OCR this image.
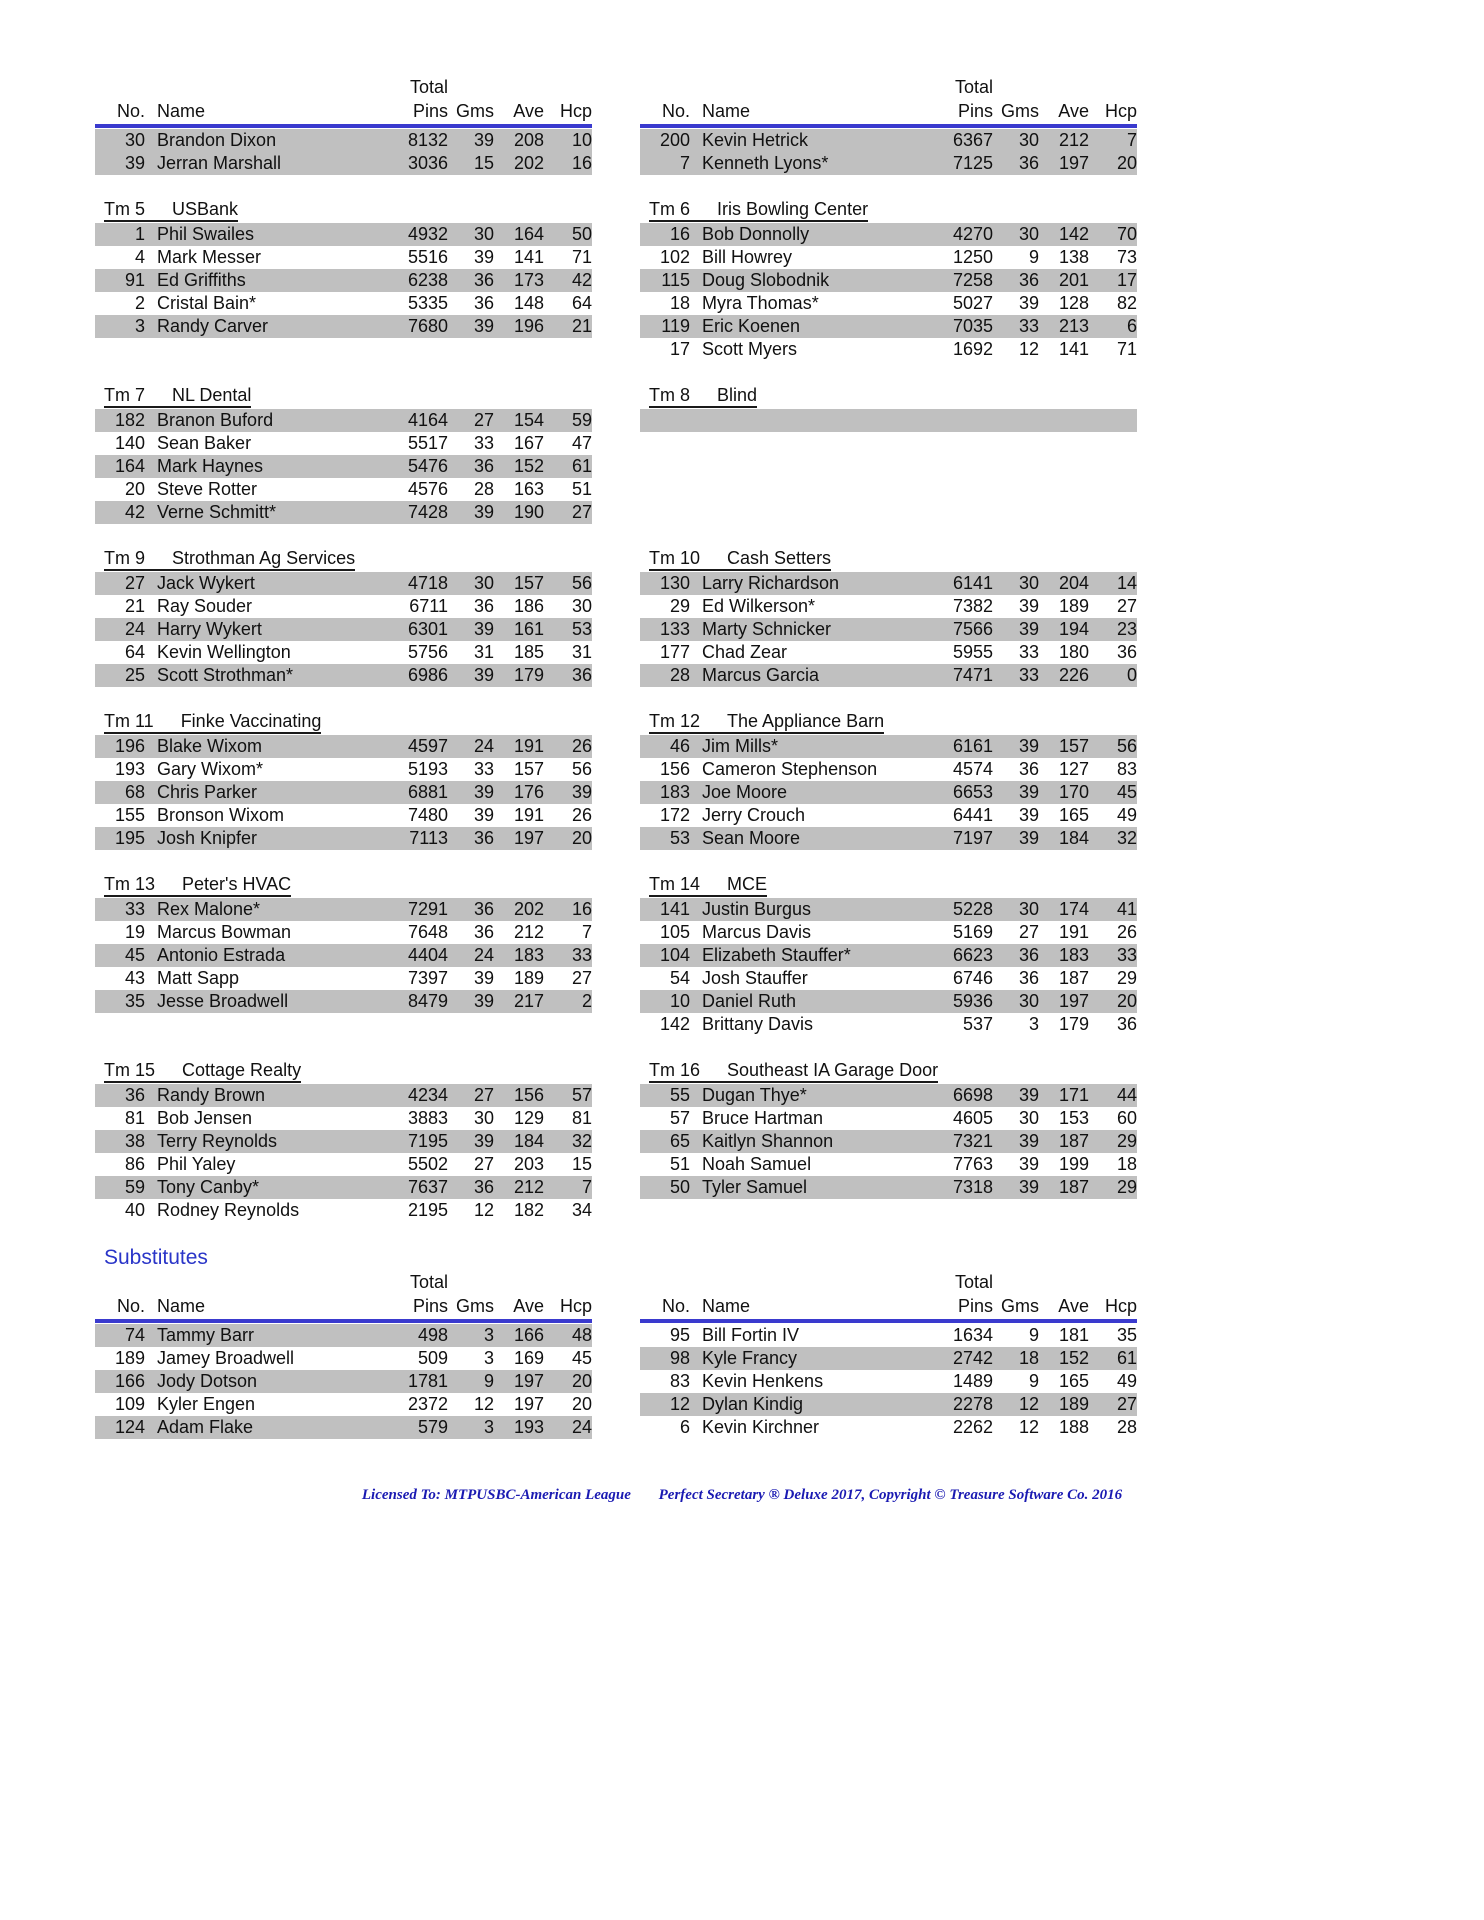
Total
No. Name	Pins Gms	Ave Hcp
30 Brandon Dixon	8132	39	208	10
39 Jerran Marshall	3036	15	202	16
Total
No. Name	Pins Gms	Ave Hcp
200 Kevin Hetrick	6367	30	212	7
7 Kenneth Lyons*	7125	36	197	20
Tm 5 USBank
1 Phil Swailes	4932	30	164	50
4 Mark Messer	5516	39	141	71
91 Ed Griffiths	6238	36	173	42
2 Cristal Bain*	5335	36	148	64
3 Randy Carver	7680	39	196	21
Tm 6 Iris Bowling Center
16 Bob Donnolly	4270	30	142	70
102 Bill Howrey	1250	9	138	73
115 Doug Slobodnik	7258	36	201	17
18 Myra Thomas*	5027	39	128	82
119 Eric Koenen	7035	33	213	6
17 Scott Myers	1692	12	141	71
Tm 7 NL Dental
182 Branon Buford	4164	27	154	59
140 Sean Baker	5517	33	167	47
164 Mark Haynes	5476	36	152	61
20 Steve Rotter	4576	28	163	51
42 Verne Schmitt*	7428	39	190	27
Tm 8 Blind
Tm 9 Strothman Ag Services
27 Jack Wykert	4718	30	157	56
21 Ray Souder	6711	36	186	30
24 Harry Wykert	6301	39	161	53
64 Kevin Wellington	5756	31	185	31
25 Scott Strothman*	6986	39	179	36
Tm 10 Cash Setters
130 Larry Richardson	6141	30	204	14
29 Ed Wilkerson*	7382	39	189	27
133 Marty Schnicker	7566	39	194	23
177 Chad Zear	5955	33	180	36
28 Marcus Garcia	7471	33	226	0
Tm 11 Finke Vaccinating
196 Blake Wixom	4597	24	191	26
193 Gary Wixom*	5193	33	157	56
68 Chris Parker	6881	39	176	39
155 Bronson Wixom	7480	39	191	26
195 Josh Knipfer	7113	36	197	20
Tm 12 The Appliance Barn
46 Jim Mills*	6161	39	157	56
156 Cameron Stephenson	4574	36	127	83
183 Joe Moore	6653	39	170	45
172 Jerry Crouch	6441	39	165	49
53 Sean Moore	7197	39	184	32
Tm 13 Peter's HVAC
33 Rex Malone*	7291	36	202	16
19 Marcus Bowman	7648	36	212	7
45 Antonio Estrada	4404	24	183	33
43 Matt Sapp	7397	39	189	27
35 Jesse Broadwell	8479	39	217	2
Tm 14 MCE
141 Justin Burgus	5228	30	174	41
105 Marcus Davis	5169	27	191	26
104 Elizabeth Stauffer*	6623	36	183	33
54 Josh Stauffer	6746	36	187	29
10 Daniel Ruth	5936	30	197	20
142 Brittany Davis	537	3	179	36
Tm 15 Cottage Realty
36 Randy Brown	4234	27	156	57
81 Bob Jensen	3883	30	129	81
38 Terry Reynolds	7195	39	184	32
86 Phil Yaley	5502	27	203	15
59 Tony Canby*	7637	36	212	7
40 Rodney Reynolds	2195	12	182	34
Tm 16 Southeast IA Garage Door
55 Dugan Thye*	6698	39	171	44
57 Bruce Hartman	4605	30	153	60
65 Kaitlyn Shannon	7321	39	187	29
51 Noah Samuel	7763	39	199	18
50 Tyler Samuel	7318	39	187	29
Substitutes
Total
No. Name	Pins Gms	Ave Hcp
74 Tammy Barr	498	3	166	48
189 Jamey Broadwell	509	3	169	45
166 Jody Dotson	1781	9	197	20
109 Kyler Engen	2372	12	197	20
124 Adam Flake	579	3	193	24
Total
No. Name	Pins Gms	Ave Hcp
95 Bill Fortin IV	1634	9	181	35
98 Kyle Francy	2742	18	152	61
83 Kevin Henkens	1489	9	165	49
12 Dylan Kindig	2278	12	189	27
6 Kevin Kirchner	2262	12	188	28
Licensed To: MTPUSBC-American League Perfect Secretary ® Deluxe 2017, Copyright © Treasure Software Co. 2016
